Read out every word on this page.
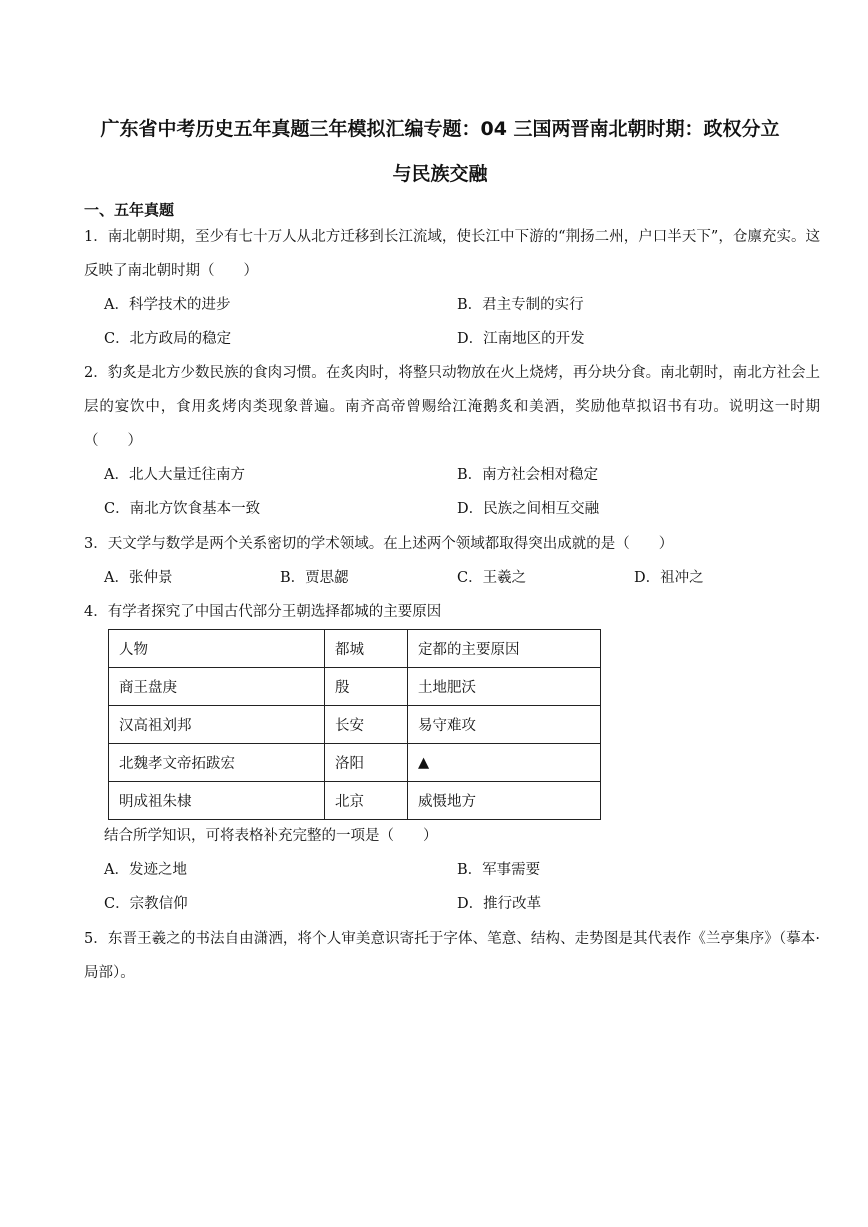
广东省中考历史五年真题三年模拟汇编专题：04 三国两晋南北朝时期：政权分立
与民族交融
一、五年真题
1．南北朝时期，至少有七十万人从北方迁移到长江流域，使长江中下游的“荆扬二州，户口半天下”，仓廪充实。这反映了南北朝时期（　　）
A．科学技术的进步	B．君主专制的实行
C．北方政局的稳定	D．江南地区的开发
2．豹炙是北方少数民族的食肉习惯。在炙肉时，将整只动物放在火上烧烤，再分块分食。南北朝时，南北方社会上层的宴饮中，食用炙烤肉类现象普遍。南齐高帝曾赐给江淹鹅炙和美酒，奖励他草拟诏书有功。说明这一时期（　　）
A．北人大量迁往南方	B．南方社会相对稳定
C．南北方饮食基本一致	D．民族之间相互交融
3．天文学与数学是两个关系密切的学术领域。在上述两个领域都取得突出成就的是（　　）
A．张仲景	B．贾思勰	C．王羲之	D．祖冲之
4．有学者探究了中国古代部分王朝选择都城的主要原因
人物	都城	定都的主要原因
商王盘庚	殷	土地肥沃
汉高祖刘邦	长安	易守难攻
北魏孝文帝拓跋宏	洛阳	▲
明成祖朱棣	北京	威慑地方
结合所学知识，可将表格补充完整的一项是（　　）
A．发迹之地	B．军事需要
C．宗教信仰	D．推行改革
5．东晋王羲之的书法自由潇洒，将个人审美意识寄托于字体、笔意、结构、走势图是其代表作《兰亭集序》（摹本·局部）。
